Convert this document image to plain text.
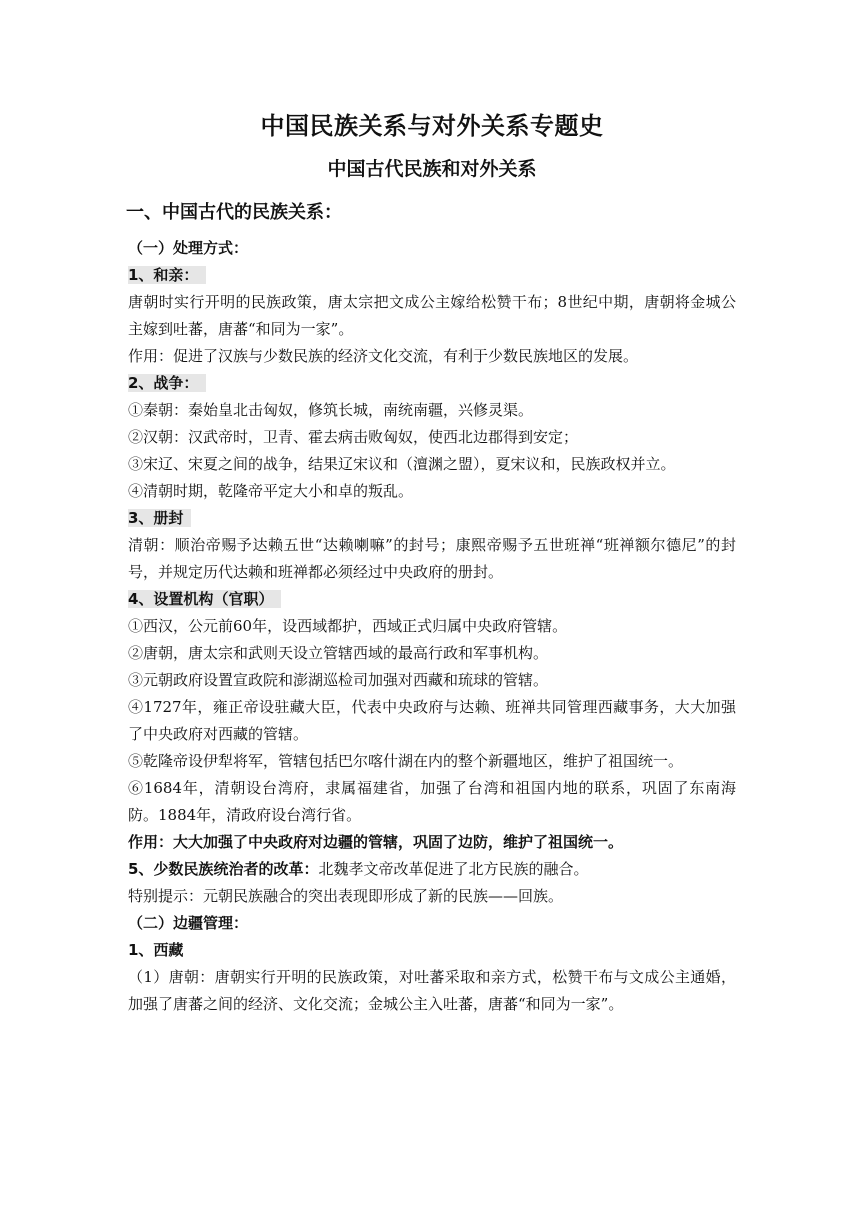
中国民族关系与对外关系专题史
中国古代民族和对外关系
一、中国古代的民族关系：
（一）处理方式：
1、和亲：

唐朝时实行开明的民族政策，唐太宗把文成公主嫁给松赞干布；8世纪中期，唐朝将金城公主嫁到吐蕃，唐蕃“和同为一家”。

作用：促进了汉族与少数民族的经济文化交流，有利于少数民族地区的发展。

2、战争：

①秦朝：秦始皇北击匈奴，修筑长城，南统南疆，兴修灵渠。

②汉朝：汉武帝时，卫青、霍去病击败匈奴，使西北边郡得到安定；

③宋辽、宋夏之间的战争，结果辽宋议和（澶渊之盟），夏宋议和，民族政权并立。

④清朝时期，乾隆帝平定大小和卓的叛乱。

3、册封

清朝：顺治帝赐予达赖五世“达赖喇嘛”的封号；康熙帝赐予五世班禅“班禅额尔德尼”的封号，并规定历代达赖和班禅都必须经过中央政府的册封。

4、设置机构（官职）

①西汉，公元前60年，设西域都护，西域正式归属中央政府管辖。

②唐朝，唐太宗和武则天设立管辖西域的最高行政和军事机构。

③元朝政府设置宣政院和澎湖巡检司加强对西藏和琉球的管辖。

④1727年，雍正帝设驻藏大臣，代表中央政府与达赖、班禅共同管理西藏事务，大大加强了中央政府对西藏的管辖。

⑤乾隆帝设伊犁将军，管辖包括巴尔喀什湖在内的整个新疆地区，维护了祖国统一。

⑥1684年，清朝设台湾府，隶属福建省，加强了台湾和祖国内地的联系，巩固了东南海防。1884年，清政府设台湾行省。

作用：大大加强了中央政府对边疆的管辖，巩固了边防，维护了祖国统一。

5、少数民族统治者的改革：北魏孝文帝改革促进了北方民族的融合。

特别提示：元朝民族融合的突出表现即形成了新的民族——回族。

（二）边疆管理：
1、西藏

（1）唐朝：唐朝实行开明的民族政策，对吐蕃采取和亲方式，松赞干布与文成公主通婚，加强了唐蕃之间的经济、文化交流；金城公主入吐蕃，唐蕃“和同为一家”。
